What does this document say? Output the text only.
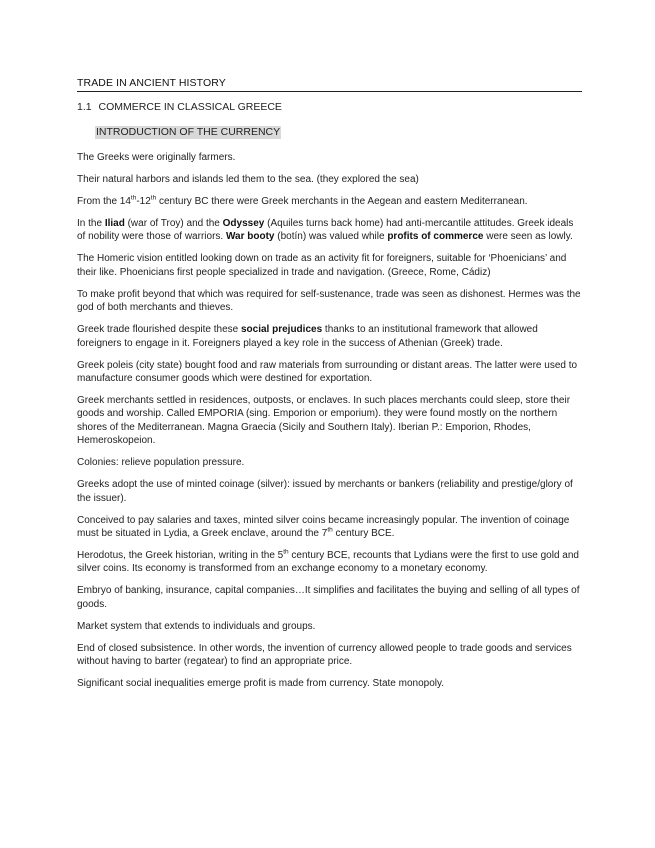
TRADE IN ANCIENT HISTORY
1.1 COMMERCE IN CLASSICAL GREECE
INTRODUCTION OF THE CURRENCY

The Greeks were originally farmers.

Their natural harbors and islands led them to the sea. (they explored the sea)

From the 14th-12th century BC there were Greek merchants in the Aegean and eastern Mediterranean.

In the Iliad (war of Troy) and the Odyssey (Aquiles turns back home) had anti-mercantile attitudes. Greek ideals of nobility were those of warriors. War booty (botín) was valued while profits of commerce were seen as lowly.

The Homeric vision entitled looking down on trade as an activity fit for foreigners, suitable for ‘Phoenicians’ and their like. Phoenicians first people specialized in trade and navigation. (Greece, Rome, Cádiz)

To make profit beyond that which was required for self-sustenance, trade was seen as dishonest. Hermes was the god of both merchants and thieves.

Greek trade flourished despite these social prejudices thanks to an institutional framework that allowed foreigners to engage in it. Foreigners played a key role in the success of Athenian (Greek) trade.

Greek poleis (city state) bought food and raw materials from surrounding or distant areas. The latter were used to manufacture consumer goods which were destined for exportation.

Greek merchants settled in residences, outposts, or enclaves. In such places merchants could sleep, store their goods and worship. Called EMPORIA (sing. Emporion or emporium). they were found mostly on the northern shores of the Mediterranean. Magna Graecia (Sicily and Southern Italy). Iberian P.: Emporion, Rhodes, Hemeroskopeion.

Colonies: relieve population pressure.

Greeks adopt the use of minted coinage (silver): issued by merchants or bankers (reliability and prestige/glory of the issuer).

Conceived to pay salaries and taxes, minted silver coins became increasingly popular. The invention of coinage must be situated in Lydia, a Greek enclave, around the 7th century BCE.

Herodotus, the Greek historian, writing in the 5th century BCE, recounts that Lydians were the first to use gold and silver coins. Its economy is transformed from an exchange economy to a monetary economy.

Embryo of banking, insurance, capital companies…It simplifies and facilitates the buying and selling of all types of goods.

Market system that extends to individuals and groups.

End of closed subsistence. In other words, the invention of currency allowed people to trade goods and services without having to barter (regatear) to find an appropriate price.

Significant social inequalities emerge profit is made from currency. State monopoly.
